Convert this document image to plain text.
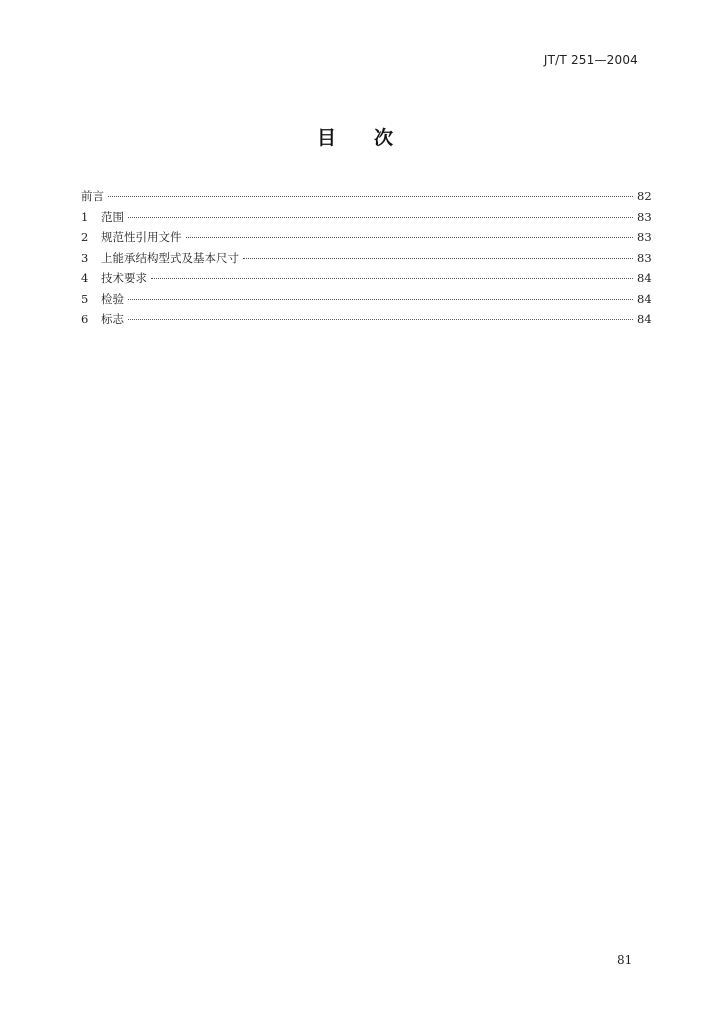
JT/T 251—2004
目 次
前言	82
1	范围	83
2	规范性引用文件	83
3	上能承结构型式及基本尺寸	83
4	技术要求	84
5	检验	84
6	标志	84
81
